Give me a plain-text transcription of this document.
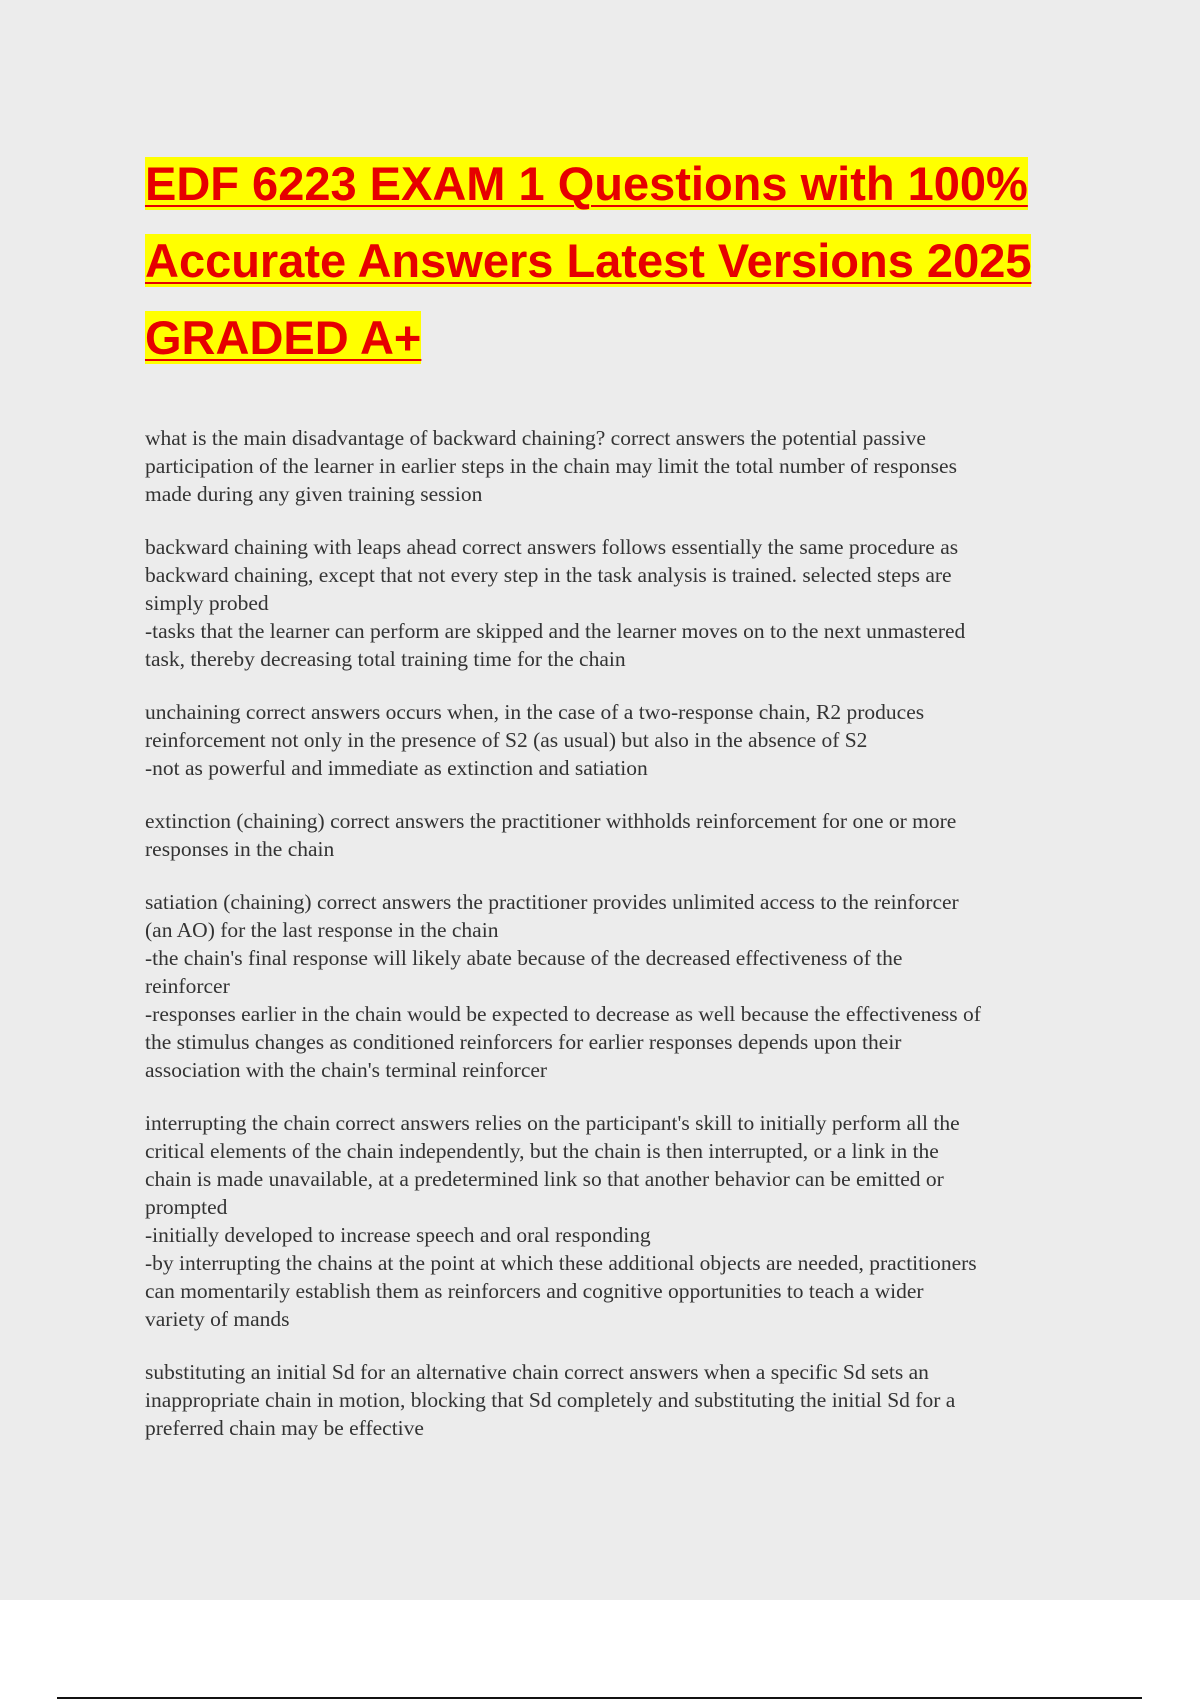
EDF 6223 EXAM 1 Questions with 100%
Accurate Answers Latest Versions 2025
GRADED A+
what is the main disadvantage of backward chaining? correct answers the potential passive
participation of the learner in earlier steps in the chain may limit the total number of responses
made during any given training session
backward chaining with leaps ahead correct answers follows essentially the same procedure as
backward chaining, except that not every step in the task analysis is trained. selected steps are
simply probed
-tasks that the learner can perform are skipped and the learner moves on to the next unmastered
task, thereby decreasing total training time for the chain
unchaining correct answers occurs when, in the case of a two-response chain, R2 produces
reinforcement not only in the presence of S2 (as usual) but also in the absence of S2
-not as powerful and immediate as extinction and satiation
extinction (chaining) correct answers the practitioner withholds reinforcement for one or more
responses in the chain
satiation (chaining) correct answers the practitioner provides unlimited access to the reinforcer
(an AO) for the last response in the chain
-the chain's final response will likely abate because of the decreased effectiveness of the
reinforcer
-responses earlier in the chain would be expected to decrease as well because the effectiveness of
the stimulus changes as conditioned reinforcers for earlier responses depends upon their
association with the chain's terminal reinforcer
interrupting the chain correct answers relies on the participant's skill to initially perform all the
critical elements of the chain independently, but the chain is then interrupted, or a link in the
chain is made unavailable, at a predetermined link so that another behavior can be emitted or
prompted
-initially developed to increase speech and oral responding
-by interrupting the chains at the point at which these additional objects are needed, practitioners
can momentarily establish them as reinforcers and cognitive opportunities to teach a wider
variety of mands
substituting an initial Sd for an alternative chain correct answers when a specific Sd sets an
inappropriate chain in motion, blocking that Sd completely and substituting the initial Sd for a
preferred chain may be effective
